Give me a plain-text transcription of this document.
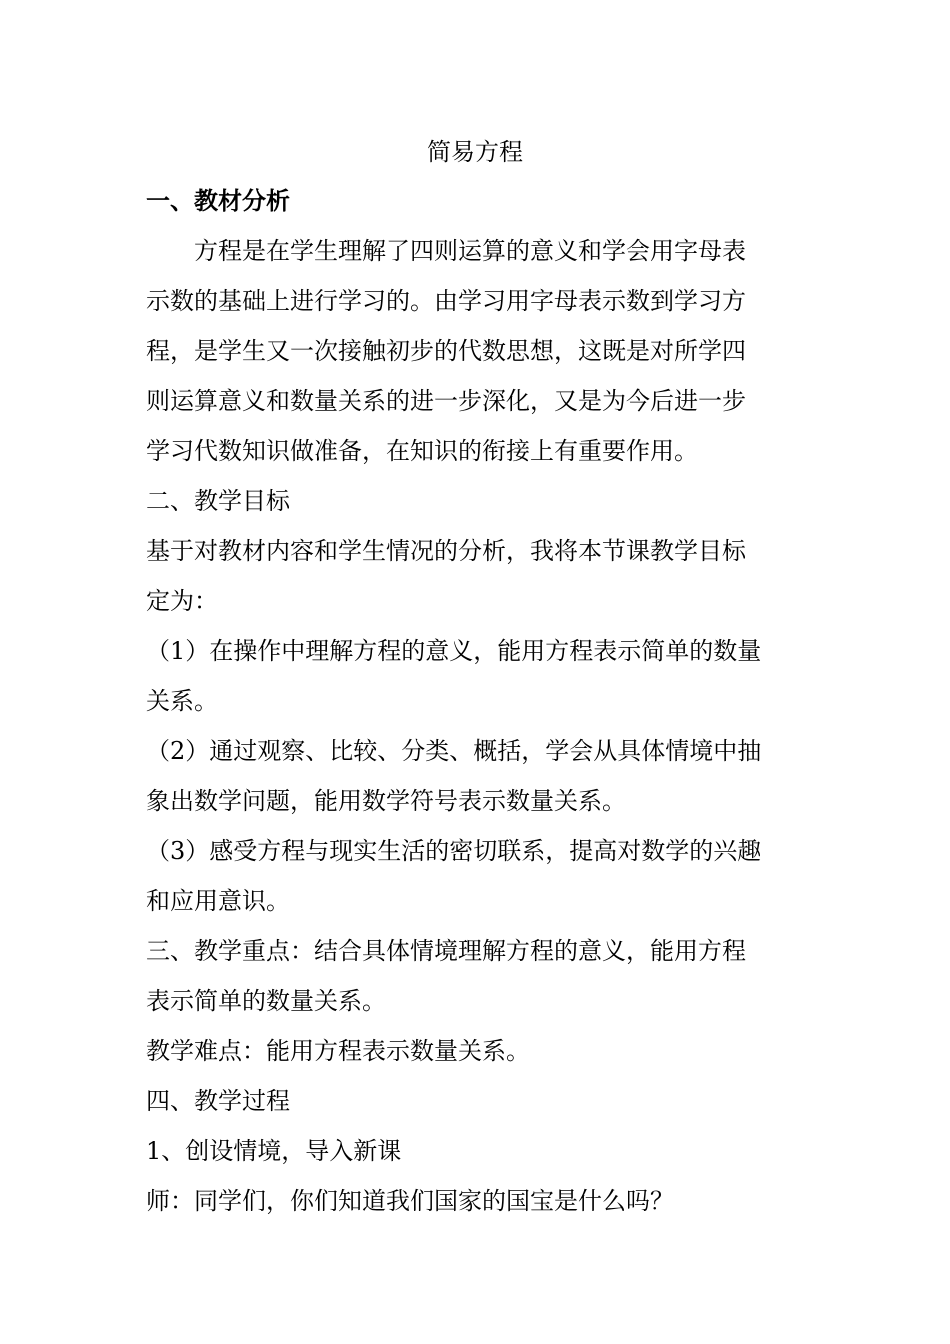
简易方程
一、教材分析
方程是在学生理解了四则运算的意义和学会用字母表
示数的基础上进行学习的。由学习用字母表示数到学习方
程，是学生又一次接触初步的代数思想，这既是对所学四
则运算意义和数量关系的进一步深化，又是为今后进一步
学习代数知识做准备，在知识的衔接上有重要作用。
二、教学目标
基于对教材内容和学生情况的分析，我将本节课教学目标
定为：
（1）在操作中理解方程的意义，能用方程表示简单的数量
关系。
（2）通过观察、比较、分类、概括，学会从具体情境中抽
象出数学问题，能用数学符号表示数量关系。
（3）感受方程与现实生活的密切联系，提高对数学的兴趣
和应用意识。
三、教学重点：结合具体情境理解方程的意义，能用方程
表示简单的数量关系。
教学难点：能用方程表示数量关系。
四、教学过程
1、创设情境，导入新课
师：同学们，你们知道我们国家的国宝是什么吗？
